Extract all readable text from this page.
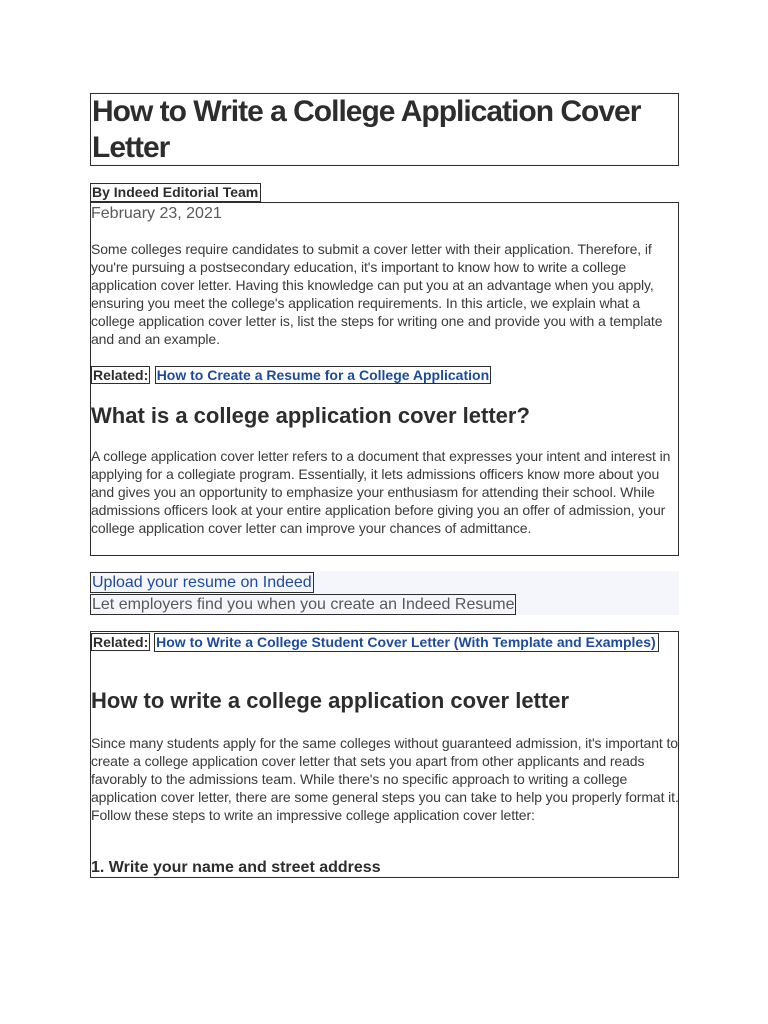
How to Write a College Application Cover Letter
By Indeed Editorial Team
February 23, 2021

Some colleges require candidates to submit a cover letter with their application. Therefore, if you're pursuing a postsecondary education, it's important to know how to write a college application cover letter. Having this knowledge can put you at an advantage when you apply, ensuring you meet the college's application requirements. In this article, we explain what a college application cover letter is, list the steps for writing one and provide you with a template and and an example.

Related: How to Create a Resume for a College Application
What is a college application cover letter?

A college application cover letter refers to a document that expresses your intent and interest in applying for a collegiate program. Essentially, it lets admissions officers know more about you and gives you an opportunity to emphasize your enthusiasm for attending their school. While admissions officers look at your entire application before giving you an offer of admission, your college application cover letter can improve your chances of admittance.

Upload your resume on Indeed
Let employers find you when you create an Indeed Resume
Related: How to Write a College Student Cover Letter (With Template and Examples)
How to write a college application cover letter

Since many students apply for the same colleges without guaranteed admission, it's important to create a college application cover letter that sets you apart from other applicants and reads favorably to the admissions team. While there's no specific approach to writing a college application cover letter, there are some general steps you can take to help you properly format it. Follow these steps to write an impressive college application cover letter:

1. Write your name and street address
